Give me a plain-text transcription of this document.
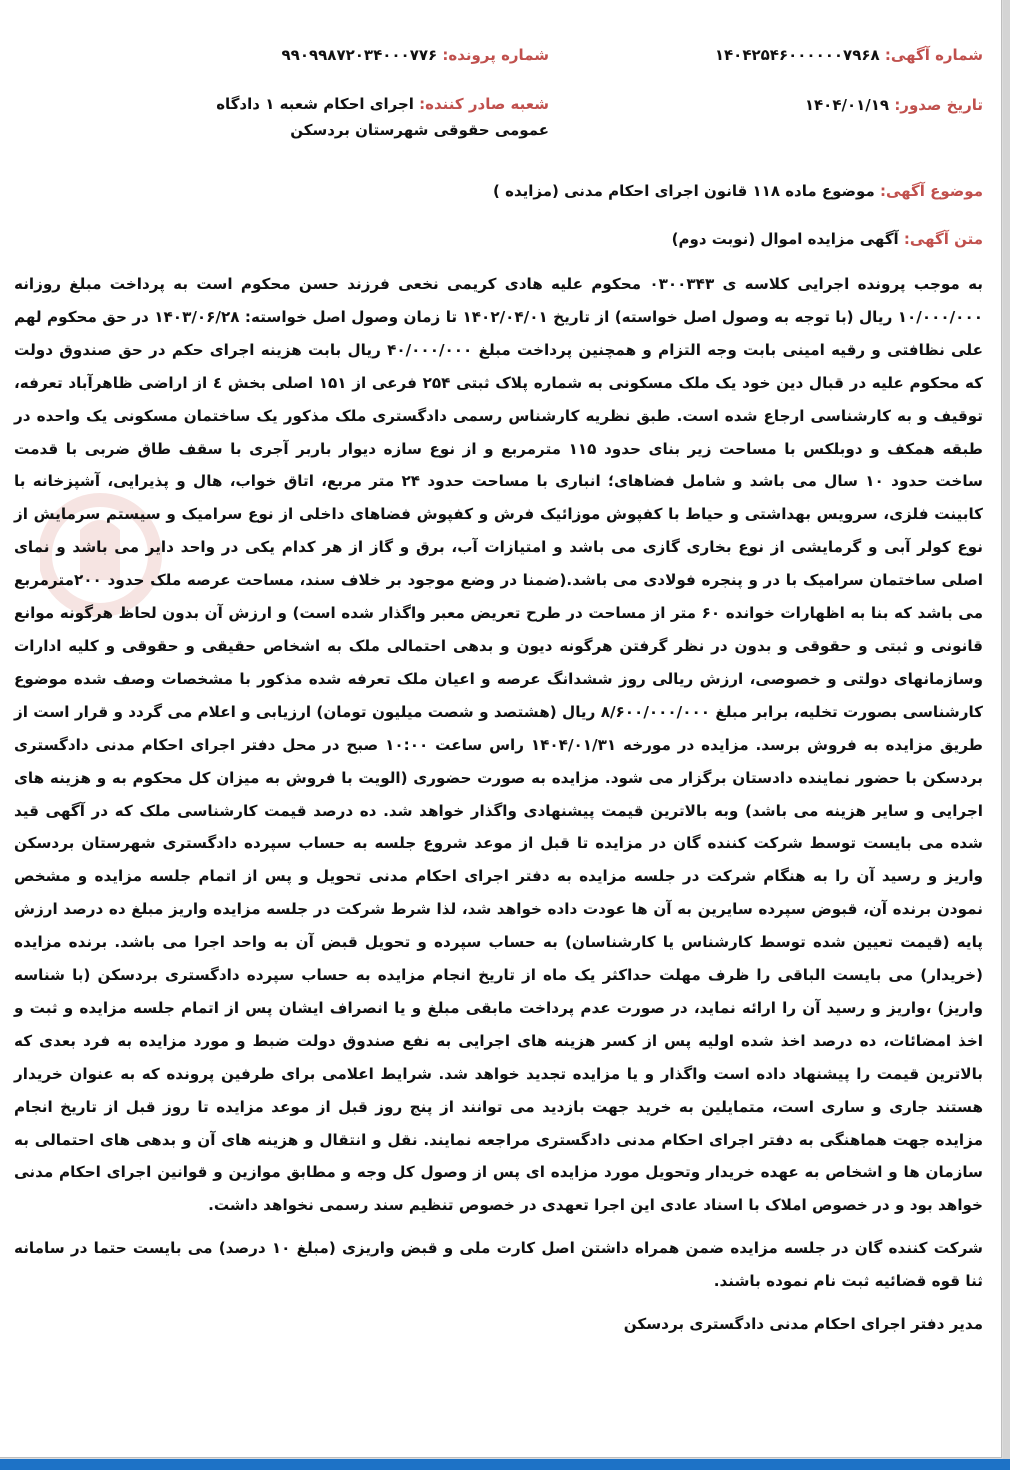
شماره آگهی: ۱۴۰۴۲۵۴۶۰۰۰۰۰۰۷۹۶۸
شماره پرونده: ۹۹۰۹۹۸۷۲۰۳۴۰۰۰۷۷۶
تاریخ صدور: ۱۴۰۴/۰۱/۱۹
شعبه صادر کننده: اجرای احکام شعبه ۱ دادگاه عمومی حقوقی شهرستان بردسکن
موضوع آگهی: موضوع ماده ۱۱۸ قانون اجرای احکام مدنی (مزایده )
متن آگهی: آگهی مزایده اموال (نوبت دوم)

به موجب پرونده اجرایی کلاسه ی ۰۳۰۰۳۴۳ محکوم علیه هادی کریمی نخعی فرزند حسن محکوم است به پرداخت مبلغ روزانه ۱۰/۰۰۰/۰۰۰ ریال (با توجه به وصول اصل خواسته) از تاریخ ۱۴۰۲/۰۴/۰۱ تا زمان وصول اصل خواسته: ۱۴۰۳/۰۶/۲۸ در حق محکوم لهم علی نظافتی و رقیه امینی بابت وجه التزام و همچنین پرداخت مبلغ ۴۰/۰۰۰/۰۰۰ ریال بابت هزینه اجرای حکم در حق صندوق دولت که محکوم علیه در قبال دین خود یک ملک مسکونی به شماره پلاک ثبتی ۲۵۴ فرعی از ۱۵۱ اصلی بخش ٤ از اراضی ظاهرآباد تعرفه، توقیف و به کارشناسی ارجاع شده است. طبق نظریه کارشناس رسمی دادگستری ملک مذکور یک ساختمان مسکونی یک واحده در طبقه همکف و دوبلکس با مساحت زیر بنای حدود ۱۱۵ مترمربع و از نوع سازه دیوار باربر آجری با سقف طاق ضربی با قدمت ساخت حدود ۱۰ سال می باشد و شامل فضاهای؛ انباری با مساحت حدود ۲۴ متر مربع، اتاق خواب، هال و پذیرایی، آشپزخانه با کابینت فلزی، سرویس بهداشتی و حیاط با کفپوش موزائیک فرش و کفپوش فضاهای داخلی از نوع سرامیک و سیستم سرمایش از نوع کولر آبی و گرمایشی از نوع بخاری گازی می باشد و امتیازات آب، برق و گاز از هر کدام یکی در واحد دایر می باشد و نمای اصلی ساختمان سرامیک با در و پنجره فولادی می باشد.(ضمنا در وضع موجود بر خلاف سند، مساحت عرصه ملک حدود ۲۰۰مترمربع می باشد که بنا به اظهارات خوانده ۶۰ متر از مساحت در طرح تعریض معبر واگذار شده است) و ارزش آن بدون لحاظ هرگونه موانع قانونی و ثبتی و حقوقی و بدون در نظر گرفتن هرگونه دیون و بدهی احتمالی ملک به اشخاص حقیقی و حقوقی و کلیه ادارات وسازمانهای دولتی و خصوصی، ارزش ریالی روز ششدانگ عرصه و اعیان ملک تعرفه شده مذکور با مشخصات وصف شده موضوع کارشناسی بصورت تخلیه، برابر مبلغ ۸/۶۰۰/۰۰۰/۰۰۰ ریال (هشتصد و شصت میلیون تومان) ارزیابی و اعلام می گردد و قرار است از طریق مزایده به فروش برسد. مزایده در مورخه ۱۴۰۴/۰۱/۳۱ راس ساعت ۱۰:۰۰ صبح در محل دفتر اجرای احکام مدنی دادگستری بردسکن با حضور نماینده دادستان برگزار می شود. مزایده به صورت حضوری (الویت با فروش به میزان کل محکوم به و هزینه های اجرایی و سایر هزینه می باشد) وبه بالاترین قیمت پیشنهادی واگذار خواهد شد. ده درصد قیمت کارشناسی ملک که در آگهی قید شده می بایست توسط شرکت کننده گان در مزایده تا قبل از موعد شروع جلسه به حساب سپرده دادگستری شهرستان بردسکن واریز و رسید آن را به هنگام شرکت در جلسه مزایده به دفتر اجرای احکام مدنی تحویل و پس از اتمام جلسه مزایده و مشخص نمودن برنده آن، قبوض سپرده سایرین به آن ها عودت داده خواهد شد، لذا شرط شرکت در جلسه مزایده واریز مبلغ ده درصد ارزش پایه (قیمت تعیین شده توسط کارشناس یا کارشناسان) به حساب سپرده و تحویل قبض آن به واحد اجرا می باشد. برنده مزایده (خریدار) می بایست الباقی را ظرف مهلت حداکثر یک ماه از تاریخ انجام مزایده به حساب سپرده دادگستری بردسکن (با شناسه واریز) ،واریز و رسید آن را ارائه نماید، در صورت عدم پرداخت مابقی مبلغ و یا انصراف ایشان پس از اتمام جلسه مزایده و ثبت و اخذ امضائات، ده درصد اخذ شده اولیه پس از کسر هزینه های اجرایی به نفع صندوق دولت ضبط و مورد مزایده به فرد بعدی که بالاترین قیمت را پیشنهاد داده است واگذار و یا مزایده تجدید خواهد شد. شرایط اعلامی برای طرفین پرونده که به عنوان خریدار هستند جاری و ساری است، متمایلین به خرید جهت بازدید می توانند از پنج روز قبل از موعد مزایده تا روز قبل از تاریخ انجام مزایده جهت هماهنگی به دفتر اجرای احکام مدنی دادگستری مراجعه نمایند. نقل و انتقال و هزینه های آن و بدهی های احتمالی به سازمان ها و اشخاص به عهده خریدار وتحویل مورد مزایده ای پس از وصول کل وجه و مطابق موازین و قوانین اجرای احکام مدنی خواهد بود و در خصوص املاک با اسناد عادی این اجرا تعهدی در خصوص تنظیم سند رسمی نخواهد داشت.

شرکت کننده گان در جلسه مزایده ضمن همراه داشتن اصل کارت ملی و قبض واریزی (مبلغ ۱۰ درصد) می بایست حتما در سامانه ثنا قوه قضائیه ثبت نام نموده باشند.

مدیر دفتر اجرای احکام مدنی دادگستری بردسکن
